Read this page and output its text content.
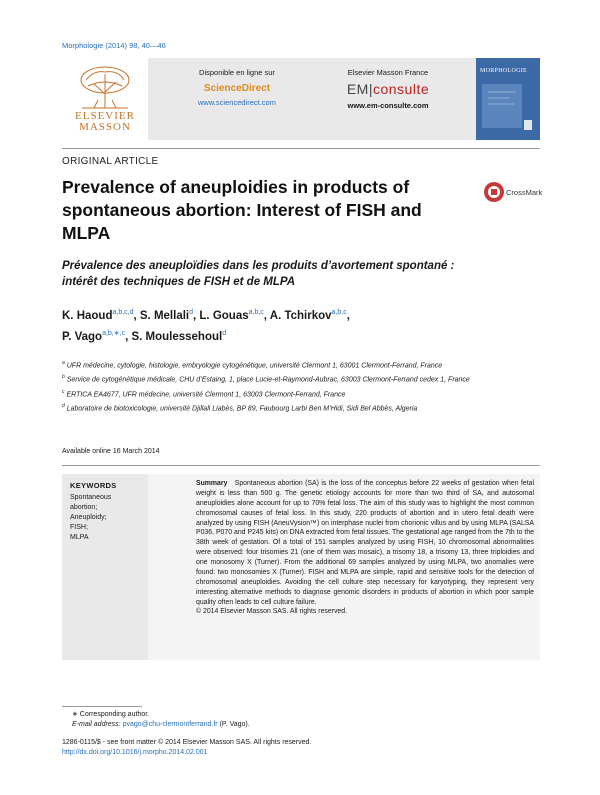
Morphologie (2014) 98, 40—46
ELSEVIER
MASSON
Disponible en ligne sur
ScienceDirect
www.sciencedirect.com
Elsevier Masson France
EM|consulte
www.em-consulte.com
MORPHOLOGIE
ORIGINAL ARTICLE
Prevalence of aneuploidies in products of spontaneous abortion: Interest of FISH and MLPA
CrossMark
Prévalence des aneuploïdies dans les produits d’avortement spontané : intérêt des techniques de FISH et de MLPA
K. Haoud$^{a,b,c,d}$, S. Mellali$^d$, L. Gouas$^{a,b,c}$, A. Tchirkov$^{a,b,c}$,
P. Vago$^{a,b,∗,c}$, S. Moulessehoul$^d$
$^a$ UFR médecine, cytologie, histologie, embryologie cytogénétique, université Clermont 1, 63001 Clermont-Ferrand, France
$^b$ Service de cytogénétique médicale, CHU d’Estaing, 1, place Lucie-et-Raymond-Aubrac, 63003 Clermont-Ferrand cedex 1, France
$^c$ ERTICA EA4677, UFR médecine, université Clermont 1, 63003 Clermont-Ferrand, France
$^d$ Laboratoire de biotoxicologie, université Djillali Liabès, BP 89, Faubourg Larbi Ben M’Hidi, Sidi Bel Abbès, Algeria
Available online 16 March 2014
KEYWORDS
Spontaneous
abortion;
Aneuploidy;
FISH;
MLPA
Summary Spontaneous abortion (SA) is the loss of the conceptus before 22 weeks of gestation when fetal weight is less than 500 g. The genetic etiology accounts for more than two third of SA, and autosomal aneuploidies alone account for up to 70% fetal loss. The aim of this study was to highlight the most common chromosomal causes of fetal loss. In this study, 220 products of abortion and in utero fetal death were analyzed by using FISH (AneuVysion™) on interphase nuclei from chorionic villus and by using MLPA (SALSA P036, P070 and P245 kits) on DNA extracted from fetal tissues. The gestational age ranged from the 7th to the 38th week of gestation. Of a total of 151 samples analyzed by using FISH, 10 chromosomal abnormalities were observed: four trisomies 21 (one of them was mosaic), a trisomy 18, a trisomy 13, three triploidies and one monosomy X (Turner). From the additional 69 samples analyzed by using MLPA, two anomalies were found: two monosomies X (Turner). FISH and MLPA are simple, rapid and sensitive tools for the detection of chromosomal aneuploidies. Avoiding the cell culture step necessary for karyotyping, they represent very interesting alternative methods to diagnose genomic disorders in products of abortion in which poor sample quality often leads to cell culture failure.
© 2014 Elsevier Masson SAS. All rights reserved.
∗ Corresponding author.
E-mail address: pvago@chu-clermontferrand.fr (P. Vago).
1286-0115/$ - see front matter © 2014 Elsevier Masson SAS. All rights reserved.
http://dx.doi.org/10.1016/j.morpho.2014.02.001
